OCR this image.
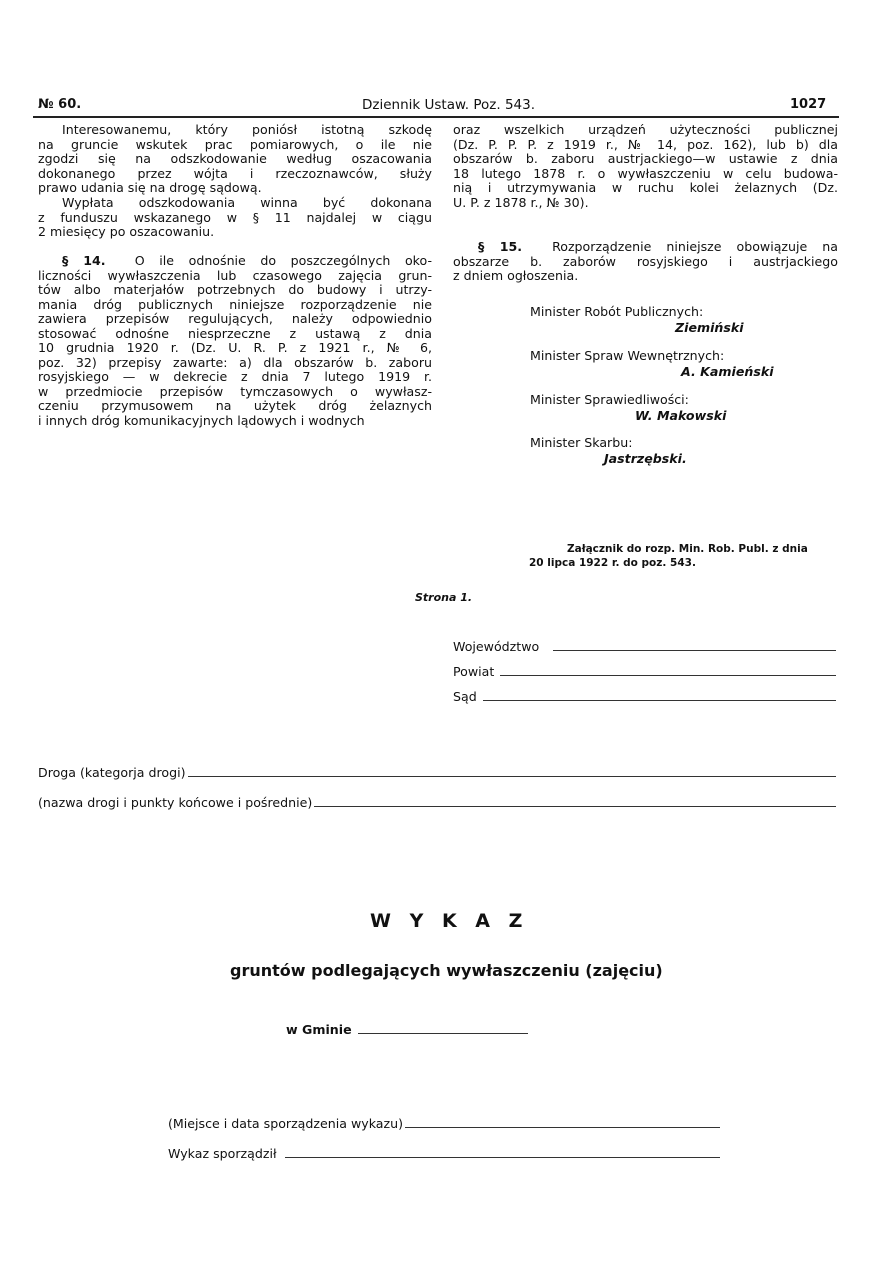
№ 60.	Dziennik Ustaw. Poz. 543.	1027
Interesowanemu, który poniósł istotną szkodę
na gruncie wskutek prac pomiarowych, o ile nie
zgodzi się na odszkodowanie według oszacowania
dokonanego przez wójta i rzeczoznawców, służy
prawo udania się na drogę sądową.
Wypłata odszkodowania winna być dokonana
z funduszu wskazanego w § 11 najdalej w ciągu
2 miesięcy po oszacowaniu.
§ 14. O ile odnośnie do poszczególnych oko-
liczności wywłaszczenia lub czasowego zajęcia grun-
tów albo materjałów potrzebnych do budowy i utrzy-
mania dróg publicznych niniejsze rozporządzenie nie
zawiera przepisów regulujących, należy odpowiednio
stosować odnośne niesprzeczne z ustawą z dnia
10 grudnia 1920 r. (Dz. U. R. P. z 1921 r., № 6,
poz. 32) przepisy zawarte: a) dla obszarów b. zaboru
rosyjskiego — w dekrecie z dnia 7 lutego 1919 r.
w przedmiocie przepisów tymczasowych o wywłasz-
czeniu przymusowem na użytek dróg żelaznych
i innych dróg komunikacyjnych lądowych i wodnych
oraz wszelkich urządzeń użyteczności publicznej
(Dz. P. P. P. z 1919 r., № 14, poz. 162), lub b) dla
obszarów b. zaboru austrjackiego—w ustawie z dnia
18 lutego 1878 r. o wywłaszczeniu w celu budowa-
nią i utrzymywania w ruchu kolei żelaznych (Dz.
U. P. z 1878 r., № 30).
§ 15. Rozporządzenie niniejsze obowiązuje na
obszarze b. zaborów rosyjskiego i austrjackiego
z dniem ogłoszenia.
Minister Robót Publicznych:
Ziemiński
Minister Spraw Wewnętrznych:
A. Kamieński
Minister Sprawiedliwości:
W. Makowski
Minister Skarbu:
Jastrzębski.
Załącznik do rozp. Min. Rob. Publ. z dnia
20 lipca 1922 r. do poz. 543.
Strona 1.
Województwo
Powiat
Sąd
Droga (kategorja drogi)
(nazwa drogi i punkty końcowe i pośrednie)
W Y K A Z
gruntów podlegających wywłaszczeniu (zajęciu)
w Gminie
(Miejsce i data sporządzenia wykazu)
Wykaz sporządził
